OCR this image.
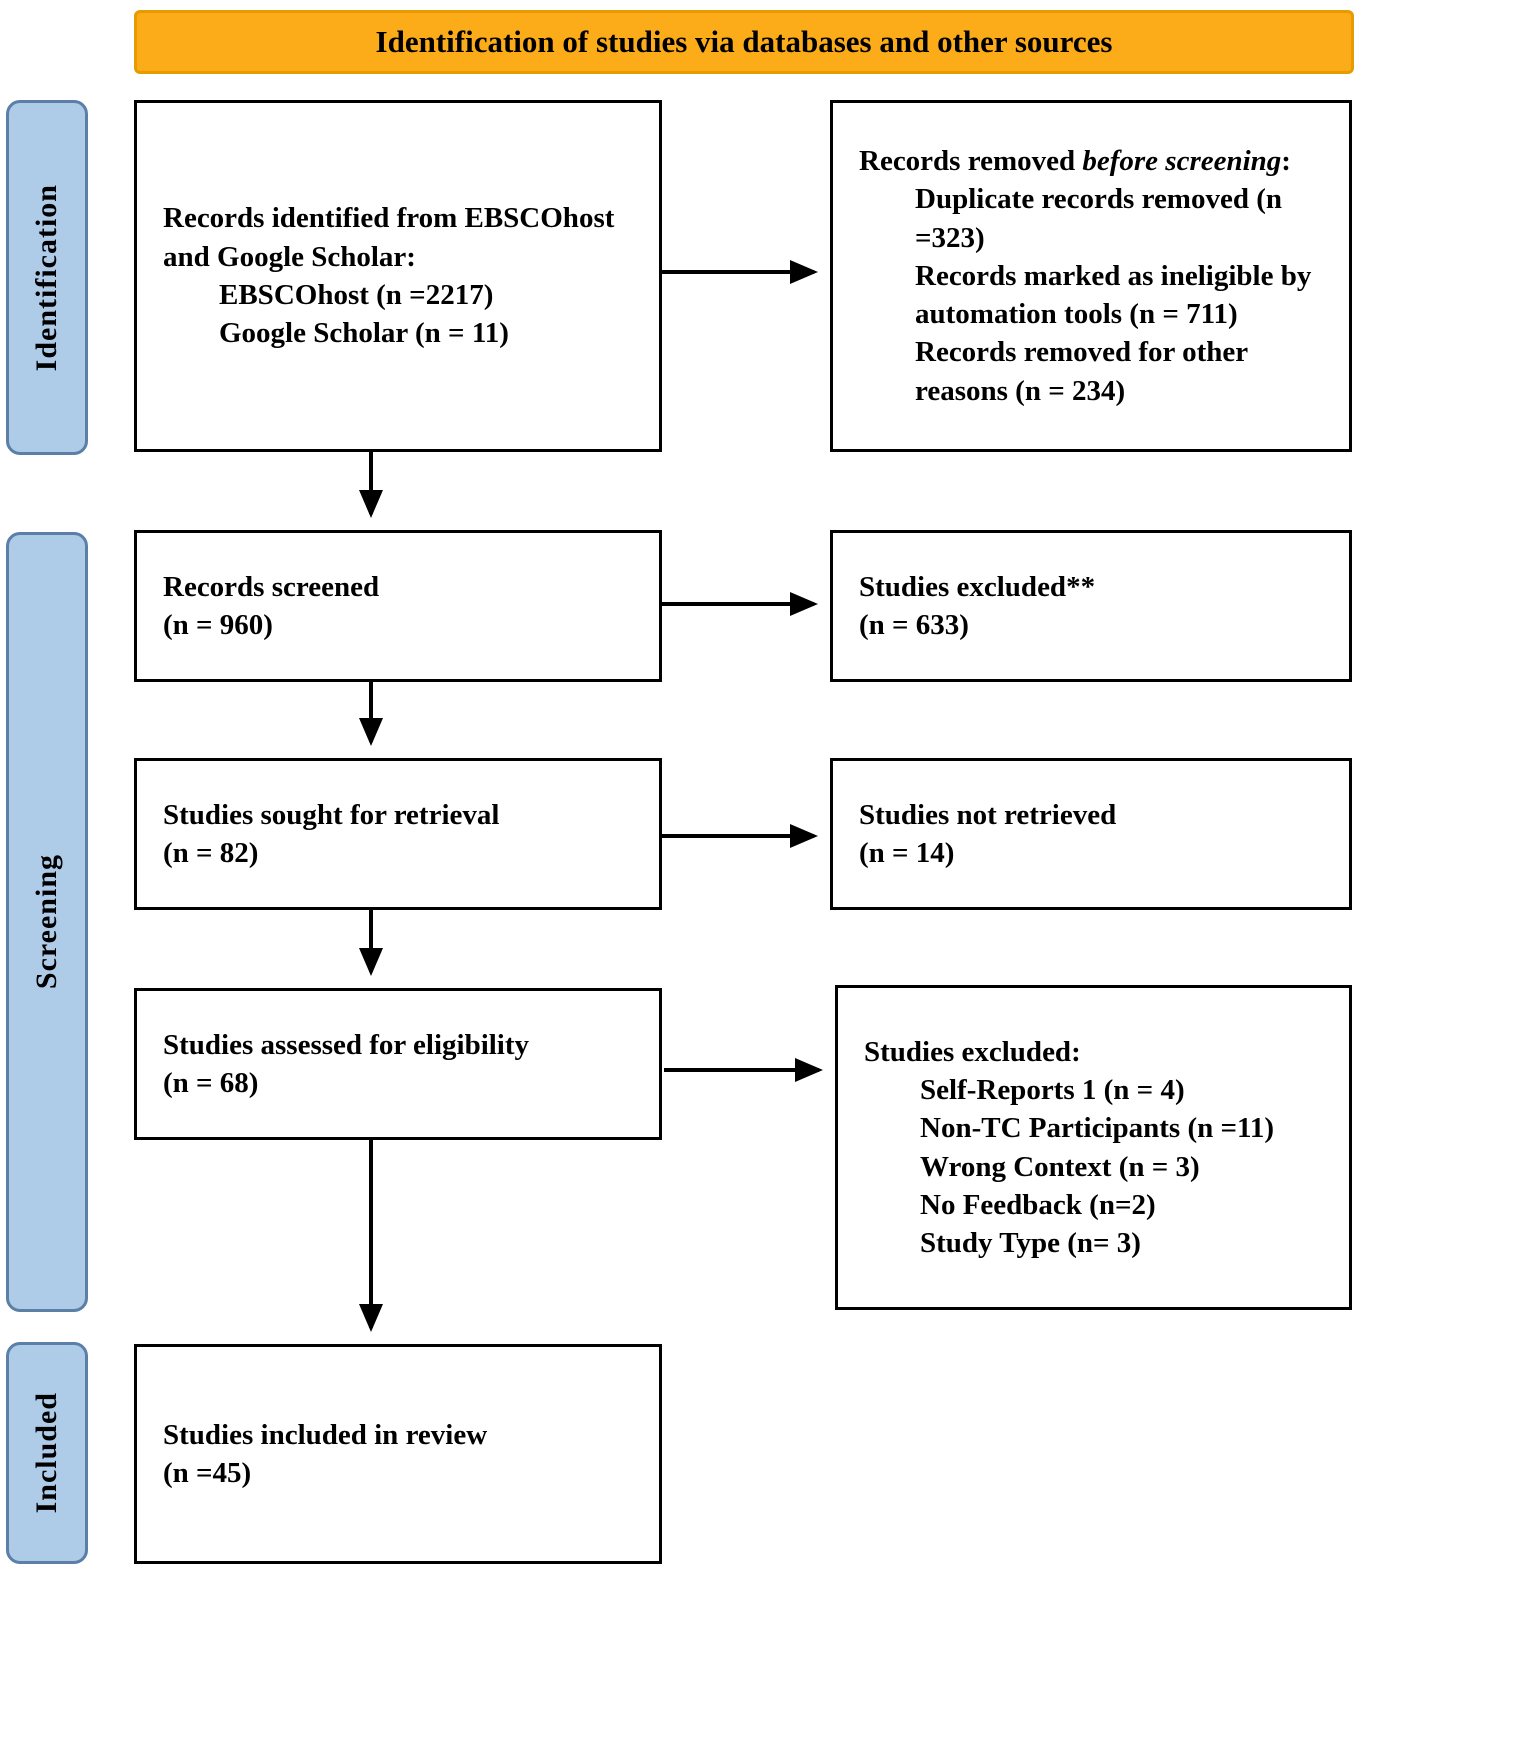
Identification of studies via databases and other sources
Identification
Screening
Included
Records identified from EBSCOhost
and Google Scholar:
EBSCOhost (n =2217)
Google Scholar (n = 11)
Records screened
(n = 960)
Studies sought for retrieval
(n = 82)
Studies assessed for eligibility
(n = 68)
Studies included in review
(n =45)
Records removed before screening:
Duplicate records removed (n =323)
Records marked as ineligible by automation tools (n = 711)
Records removed for other reasons (n = 234)
Studies excluded**
(n = 633)
Studies not retrieved
(n = 14)
Studies excluded:
Self-Reports 1 (n = 4)
Non-TC Participants (n =11)
Wrong Context (n = 3)
No Feedback (n=2)
Study Type (n= 3)
